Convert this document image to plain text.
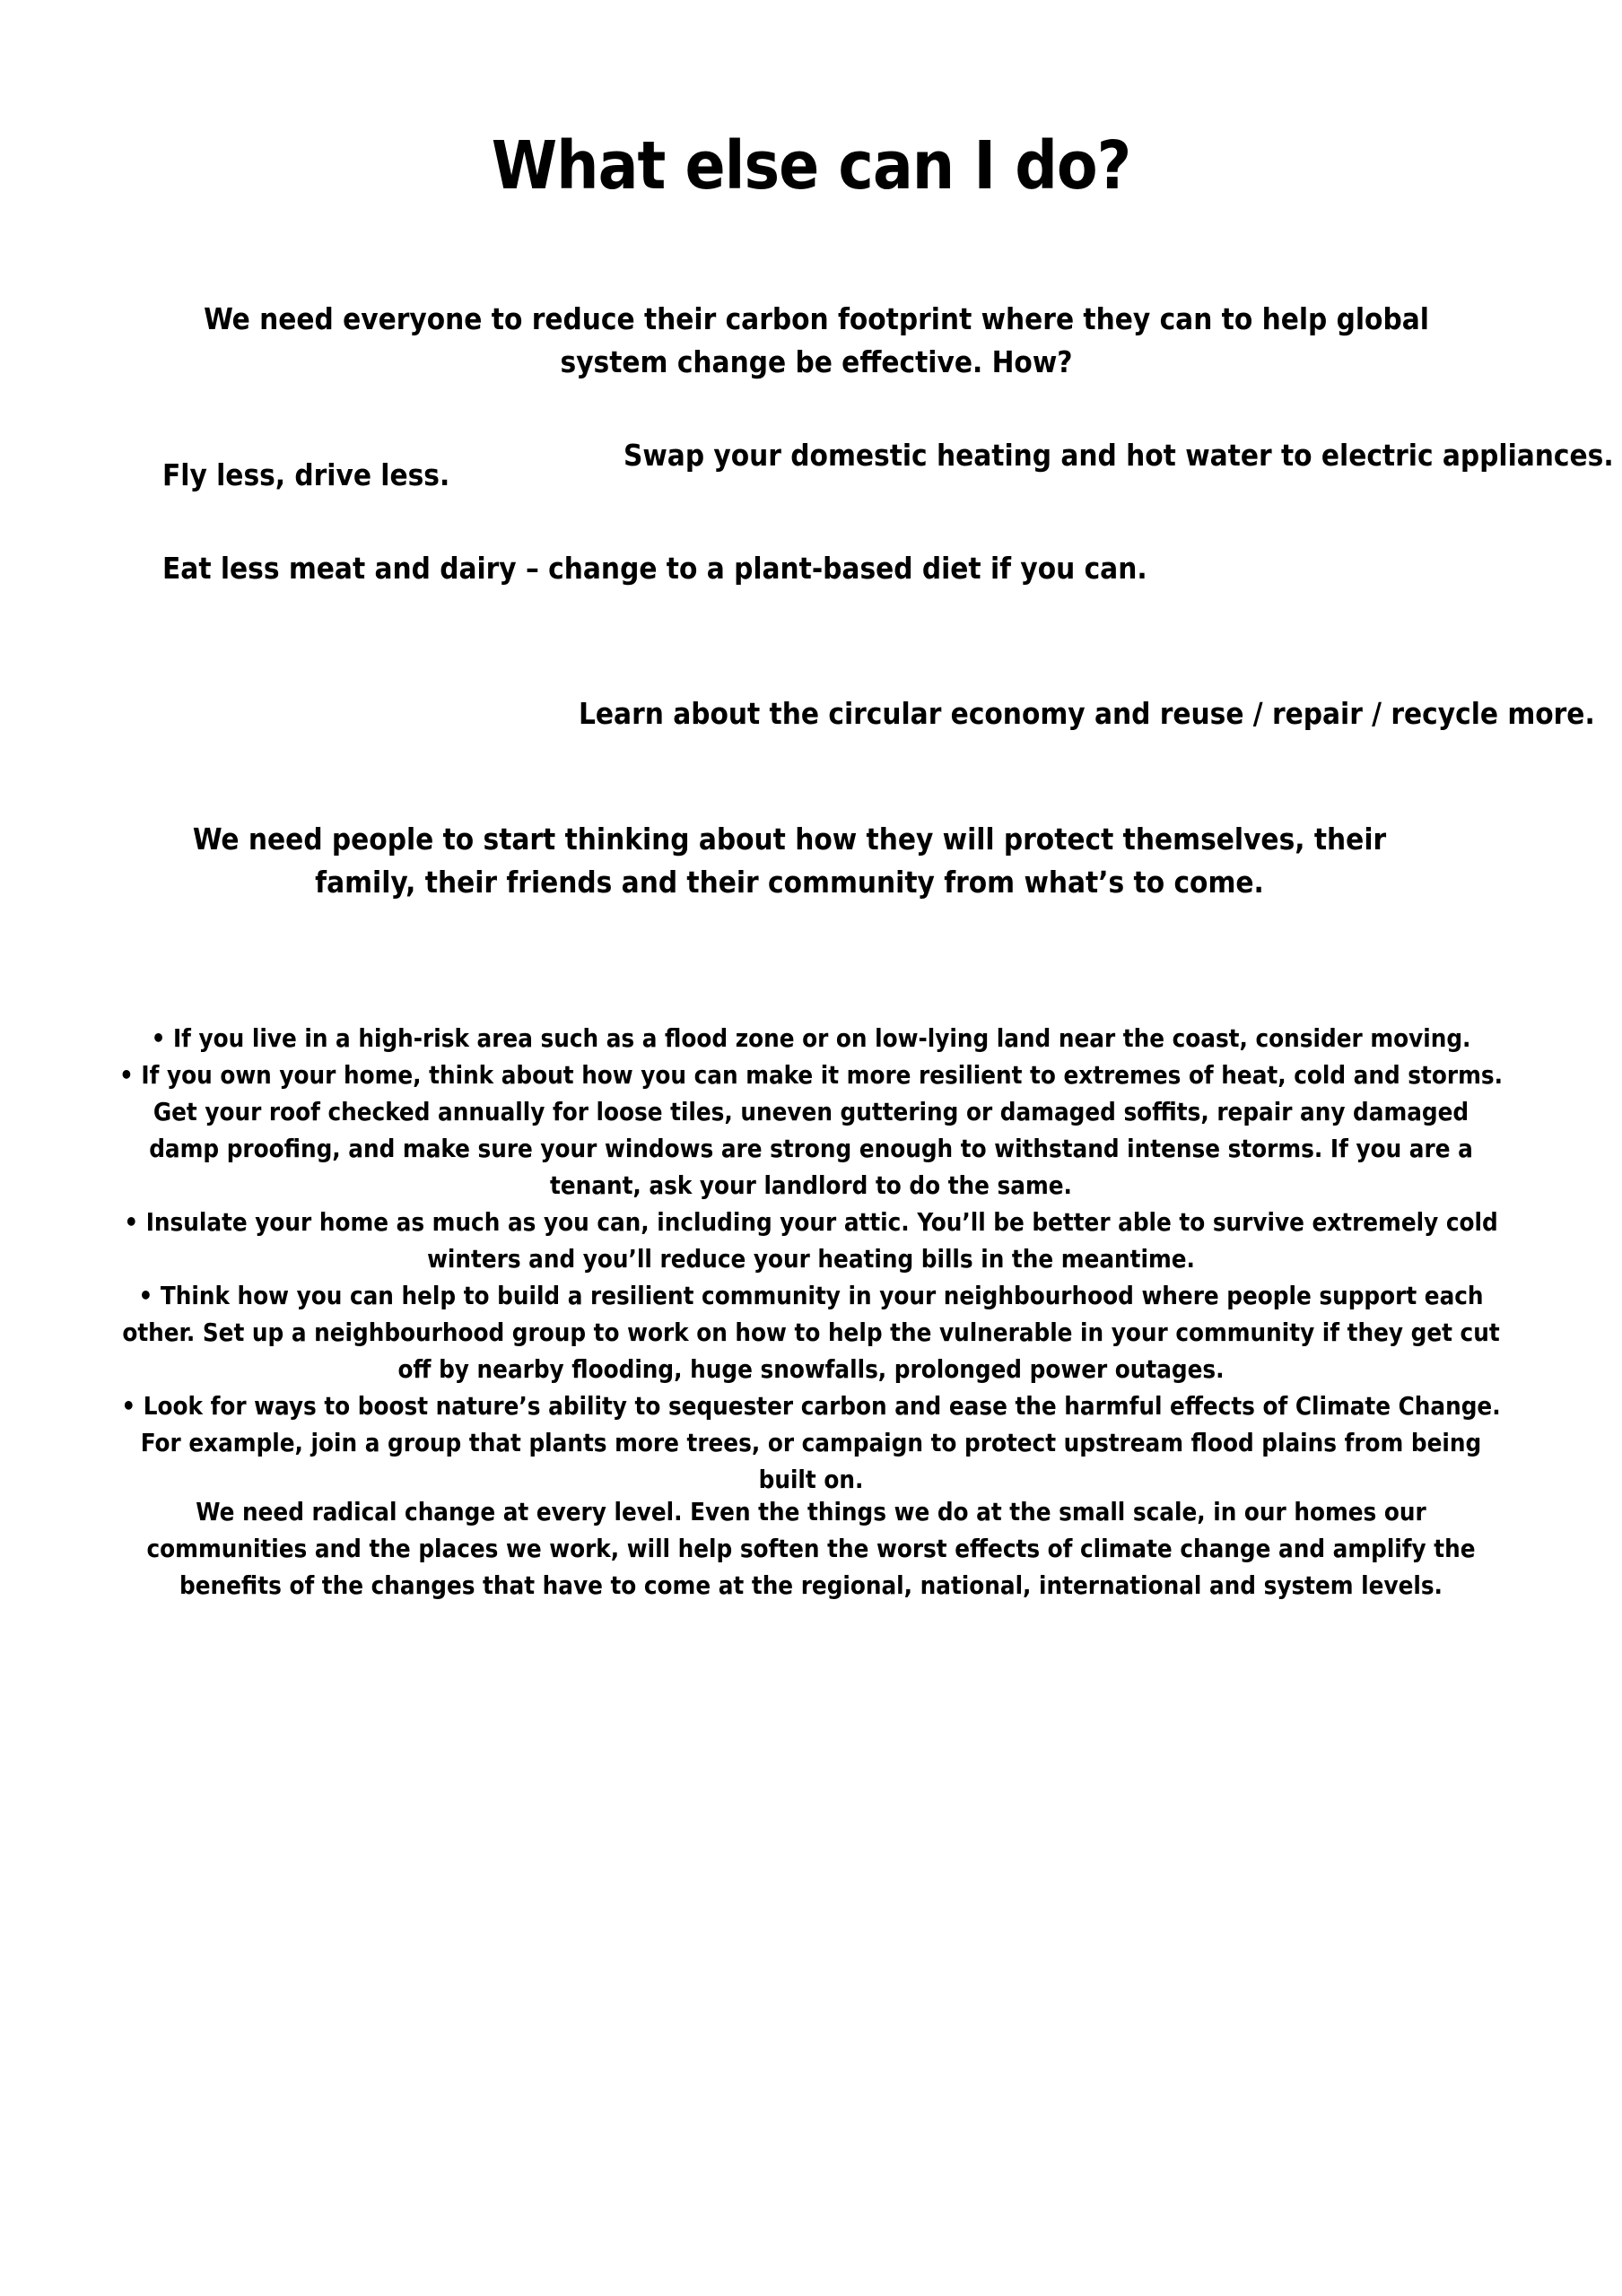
What else can I do?
We need everyone to reduce their carbon footprint where they can to help global system change be effective. How?
Fly less, drive less.
Swap your domestic heating and hot water to electric appliances.
Eat less meat and dairy – change to a plant-based diet if you can.
Learn about the circular economy and reuse / repair / recycle more.
We need people to start thinking about how they will protect themselves, their family, their friends and their community from what’s to come.
• If you live in a high-risk area such as a flood zone or on low-lying land near the coast, consider moving.
• If you own your home, think about how you can make it more resilient to extremes of heat, cold and storms. Get your roof checked annually for loose tiles, uneven guttering or damaged soffits, repair any damaged damp proofing, and make sure your windows are strong enough to withstand intense storms. If you are a tenant, ask your landlord to do the same.
• Insulate your home as much as you can, including your attic. You’ll be better able to survive extremely cold winters and you’ll reduce your heating bills in the meantime.
• Think how you can help to build a resilient community in your neighbourhood where people support each other. Set up a neighbourhood group to work on how to help the vulnerable in your community if they get cut off by nearby flooding, huge snowfalls, prolonged power outages.
• Look for ways to boost nature’s ability to sequester carbon and ease the harmful effects of Climate Change. For example, join a group that plants more trees, or campaign to protect upstream flood plains from being built on.
We need radical change at every level. Even the things we do at the small scale, in our homes our communities and the places we work, will help soften the worst effects of climate change and amplify the benefits of the changes that have to come at the regional, national, international and system levels.
